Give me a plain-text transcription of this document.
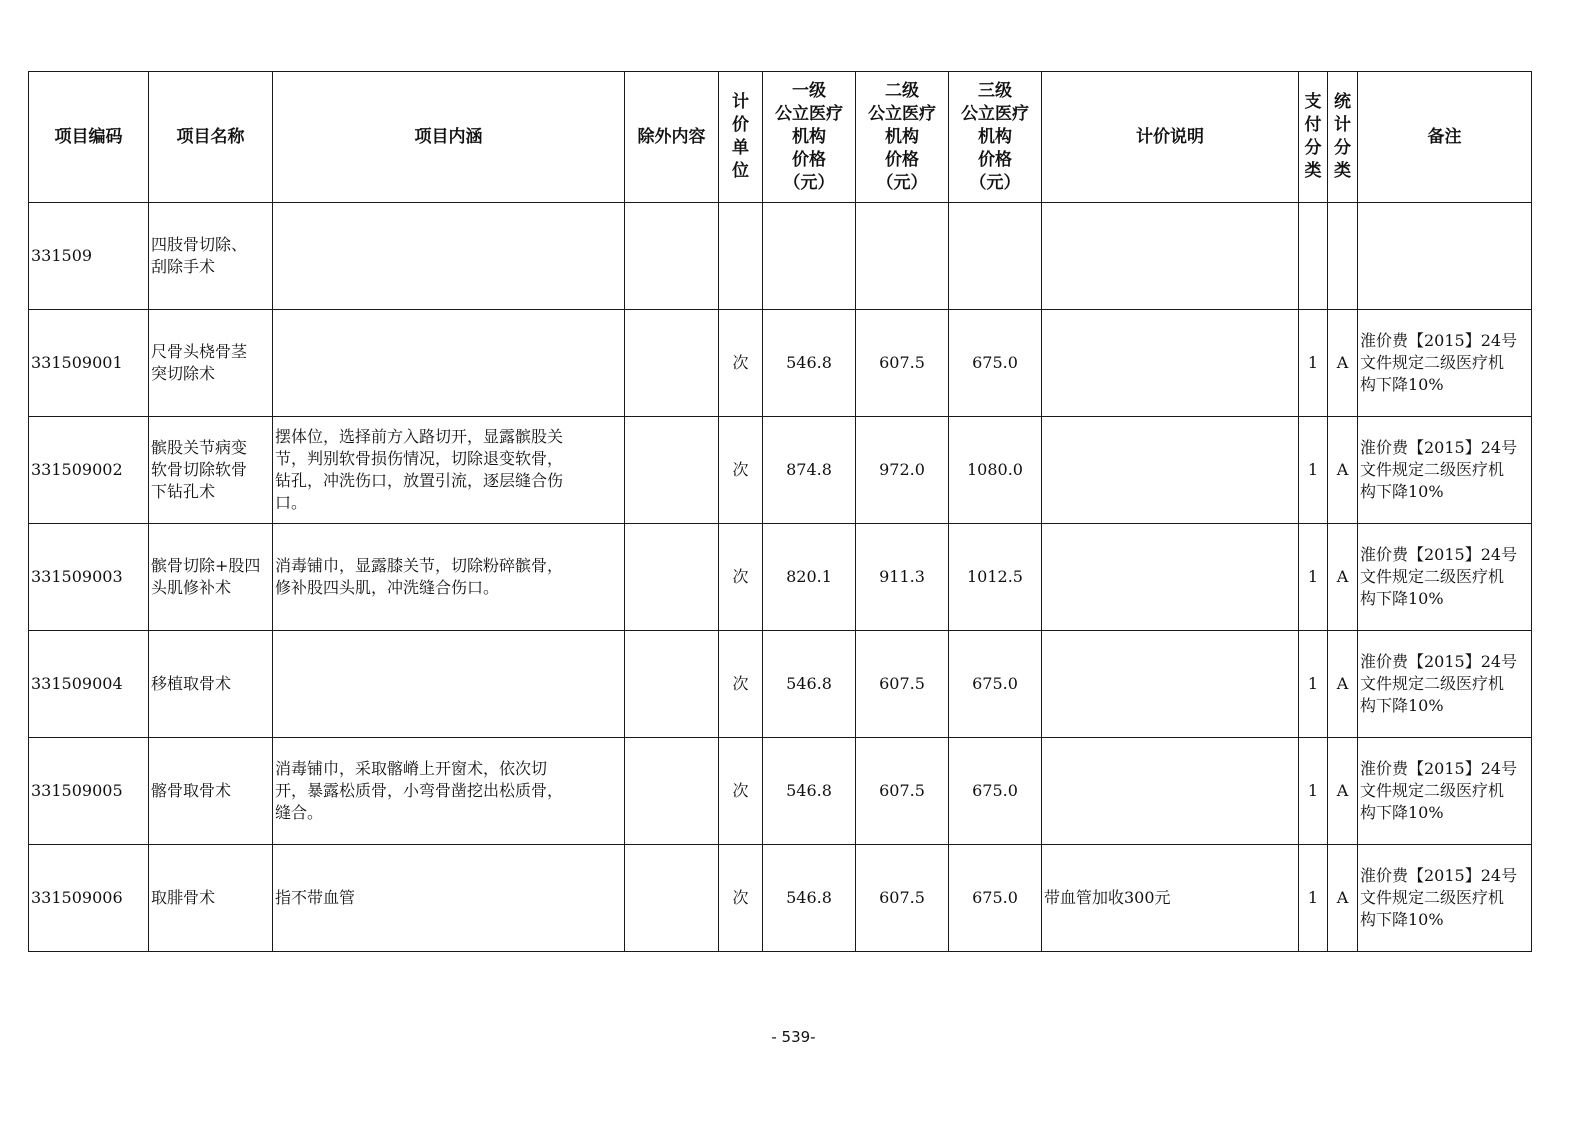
项目编码	项目名称	项目内涵	除外内容	计
价
单
位	一级
公立医疗
机构
价格
（元）	二级
公立医疗
机构
价格
（元）	三级
公立医疗
机构
价格
（元）	计价说明	支
付
分
类	统
计
分
类	备注
331509	四肢骨切除、
刮除手术										
331509001	尺骨头桡骨茎
突切除术			次	546.8	607.5	675.0		1	A	淮价费【2015】24号
文件规定二级医疗机
构下降10%
331509002	髌股关节病变
软骨切除软骨
下钻孔术	摆体位，选择前方入路切开，显露髌股关
节，判别软骨损伤情况，切除退变软骨，
钻孔，冲洗伤口，放置引流，逐层缝合伤
口。		次	874.8	972.0	1080.0		1	A	淮价费【2015】24号
文件规定二级医疗机
构下降10%
331509003	髌骨切除+股四
头肌修补术	消毒铺巾，显露膝关节，切除粉碎髌骨，
修补股四头肌，冲洗缝合伤口。		次	820.1	911.3	1012.5		1	A	淮价费【2015】24号
文件规定二级医疗机
构下降10%
331509004	移植取骨术			次	546.8	607.5	675.0		1	A	淮价费【2015】24号
文件规定二级医疗机
构下降10%
331509005	髂骨取骨术	消毒铺巾，采取髂嵴上开窗术，依次切
开，暴露松质骨，小弯骨凿挖出松质骨，
缝合。		次	546.8	607.5	675.0		1	A	淮价费【2015】24号
文件规定二级医疗机
构下降10%
331509006	取腓骨术	指不带血管		次	546.8	607.5	675.0	带血管加收300元	1	A	淮价费【2015】24号
文件规定二级医疗机
构下降10%
- 539-
